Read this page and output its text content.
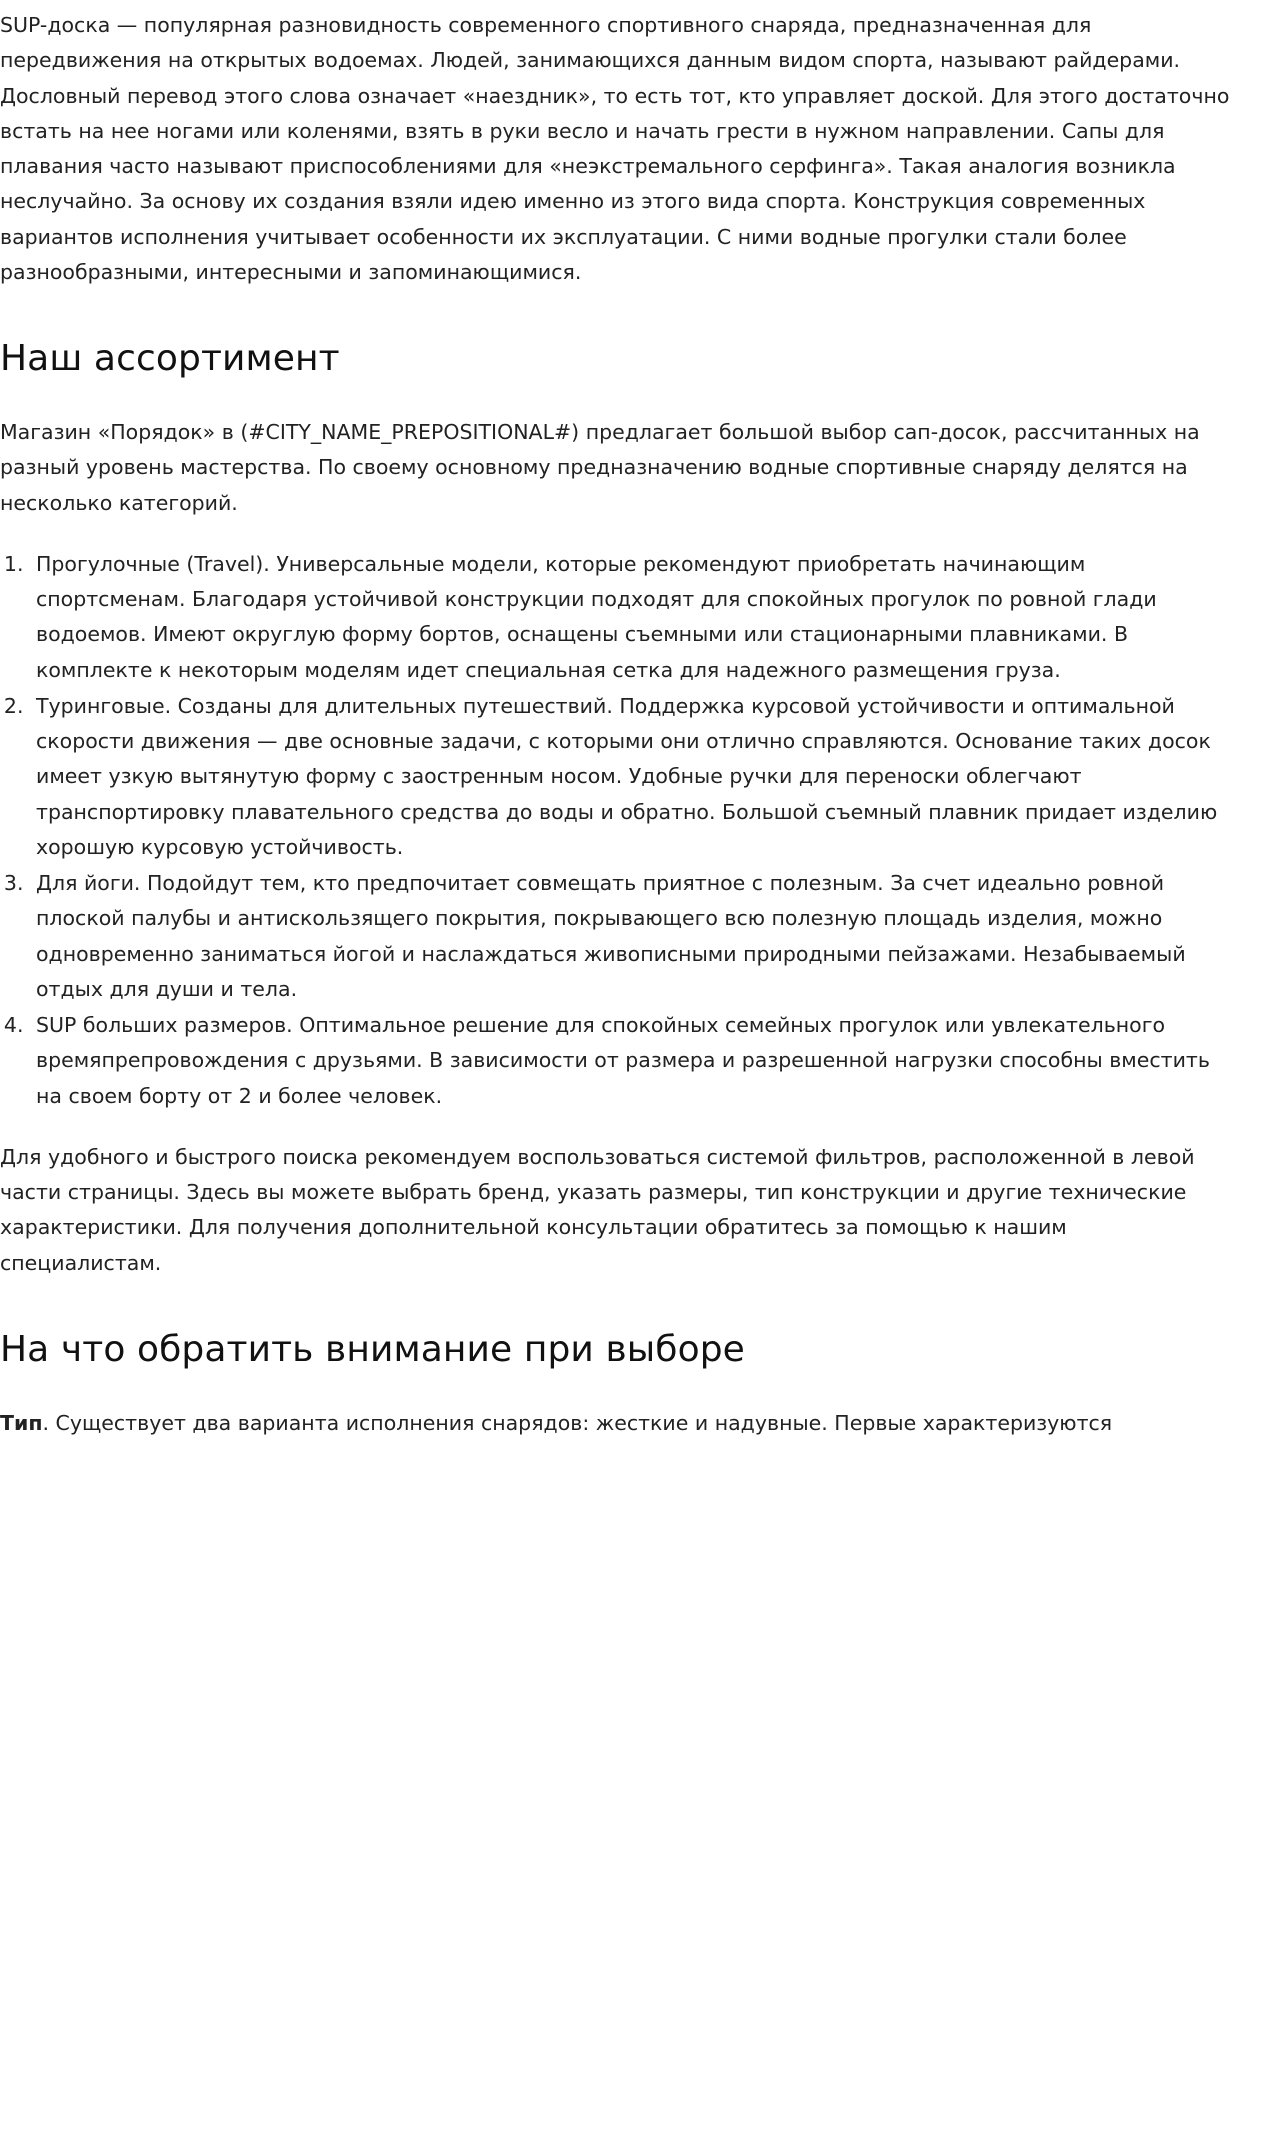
SUP-доска — популярная разновидность современного спортивного снаряда, предназначенная для передвижения на открытых водоемах. Людей, занимающихся данным видом спорта, называют райдерами. Дословный перевод этого слова означает «наездник», то есть тот, кто управляет доской. Для этого достаточно встать на нее ногами или коленями, взять в руки весло и начать грести в нужном направлении. Сапы для плавания часто называют приспособлениями для «неэкстремального серфинга». Такая аналогия возникла неслучайно. За основу их создания взяли идею именно из этого вида спорта. Конструкция современных вариантов исполнения учитывает особенности их эксплуатации. С ними водные прогулки стали более разнообразными, интересными и запоминающимися.

Наш ассортимент

Магазин «Порядок» в (#CITY_NAME_PREPOSITIONAL#) предлагает большой выбор сап-досок, рассчитанных на разный уровень мастерства. По своему основному предназначению водные спортивные снаряду делятся на несколько категорий.

1. Прогулочные (Travel). Универсальные модели, которые рекомендуют приобретать начинающим спортсменам. Благодаря устойчивой конструкции подходят для спокойных прогулок по ровной глади водоемов. Имеют округлую форму бортов, оснащены съемными или стационарными плавниками. В комплекте к некоторым моделям идет специальная сетка для надежного размещения груза.
2. Туринговые. Созданы для длительных путешествий. Поддержка курсовой устойчивости и оптимальной скорости движения — две основные задачи, с которыми они отлично справляются. Основание таких досок имеет узкую вытянутую форму с заостренным носом. Удобные ручки для переноски облегчают транспортировку плавательного средства до воды и обратно. Большой съемный плавник придает изделию хорошую курсовую устойчивость.
3. Для йоги. Подойдут тем, кто предпочитает совмещать приятное с полезным. За счет идеально ровной плоской палубы и антискользящего покрытия, покрывающего всю полезную площадь изделия, можно одновременно заниматься йогой и наслаждаться живописными природными пейзажами. Незабываемый отдых для души и тела.
4. SUP больших размеров. Оптимальное решение для спокойных семейных прогулок или увлекательного времяпрепровождения с друзьями. В зависимости от размера и разрешенной нагрузки способны вместить на своем борту от 2 и более человек.

Для удобного и быстрого поиска рекомендуем воспользоваться системой фильтров, расположенной в левой части страницы. Здесь вы можете выбрать бренд, указать размеры, тип конструкции и другие технические характеристики. Для получения дополнительной консультации обратитесь за помощью к нашим специалистам.

На что обратить внимание при выборе

Тип. Существует два варианта исполнения снарядов: жесткие и надувные. Первые характеризуются
